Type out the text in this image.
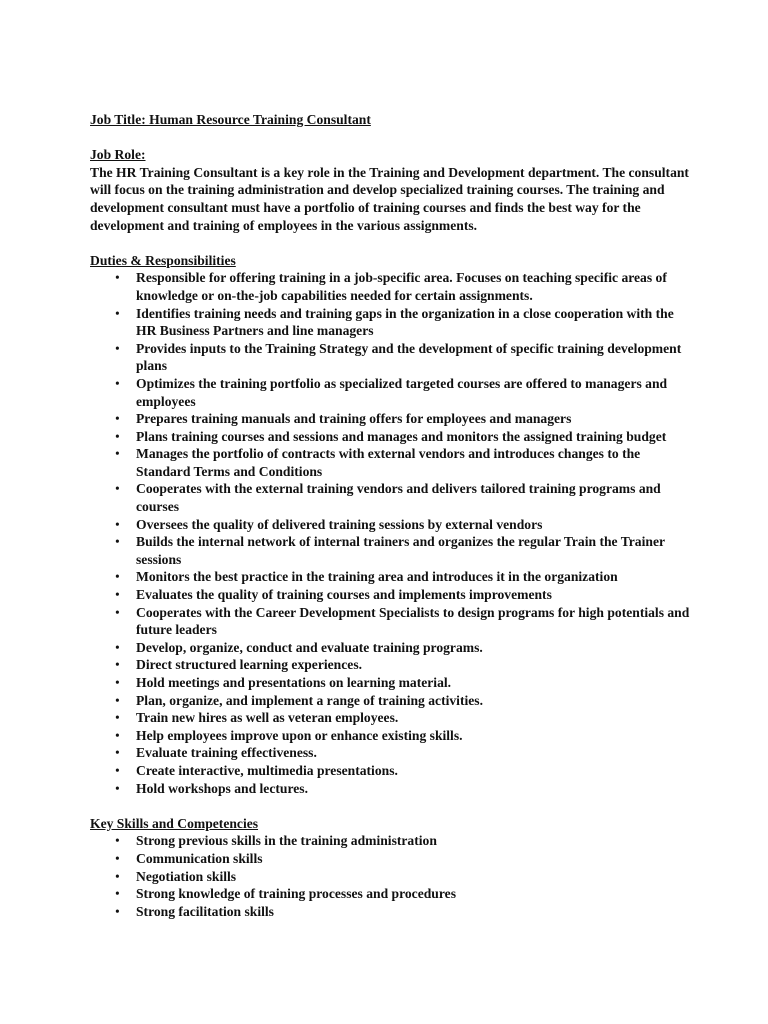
Job Title: Human Resource Training Consultant

Job Role:

The HR Training Consultant is a key role in the Training and Development department. The consultant will focus on the training administration and develop specialized training courses. The training and development consultant must have a portfolio of training courses and finds the best way for the development and training of employees in the various assignments.

Duties & Responsibilities

• Responsible for offering training in a job-specific area. Focuses on teaching specific areas of knowledge or on-the-job capabilities needed for certain assignments.
• Identifies training needs and training gaps in the organization in a close cooperation with the HR Business Partners and line managers
• Provides inputs to the Training Strategy and the development of specific training development plans
• Optimizes the training portfolio as specialized targeted courses are offered to managers and employees
• Prepares training manuals and training offers for employees and managers
• Plans training courses and sessions and manages and monitors the assigned training budget
• Manages the portfolio of contracts with external vendors and introduces changes to the Standard Terms and Conditions
• Cooperates with the external training vendors and delivers tailored training programs and courses
• Oversees the quality of delivered training sessions by external vendors
• Builds the internal network of internal trainers and organizes the regular Train the Trainer sessions
• Monitors the best practice in the training area and introduces it in the organization
• Evaluates the quality of training courses and implements improvements
• Cooperates with the Career Development Specialists to design programs for high potentials and future leaders
• Develop, organize, conduct and evaluate training programs.
• Direct structured learning experiences.
• Hold meetings and presentations on learning material.
• Plan, organize, and implement a range of training activities.
• Train new hires as well as veteran employees.
• Help employees improve upon or enhance existing skills.
• Evaluate training effectiveness.
• Create interactive, multimedia presentations.
• Hold workshops and lectures.

Key Skills and Competencies

• Strong previous skills in the training administration
• Communication skills
• Negotiation skills
• Strong knowledge of training processes and procedures
• Strong facilitation skills
